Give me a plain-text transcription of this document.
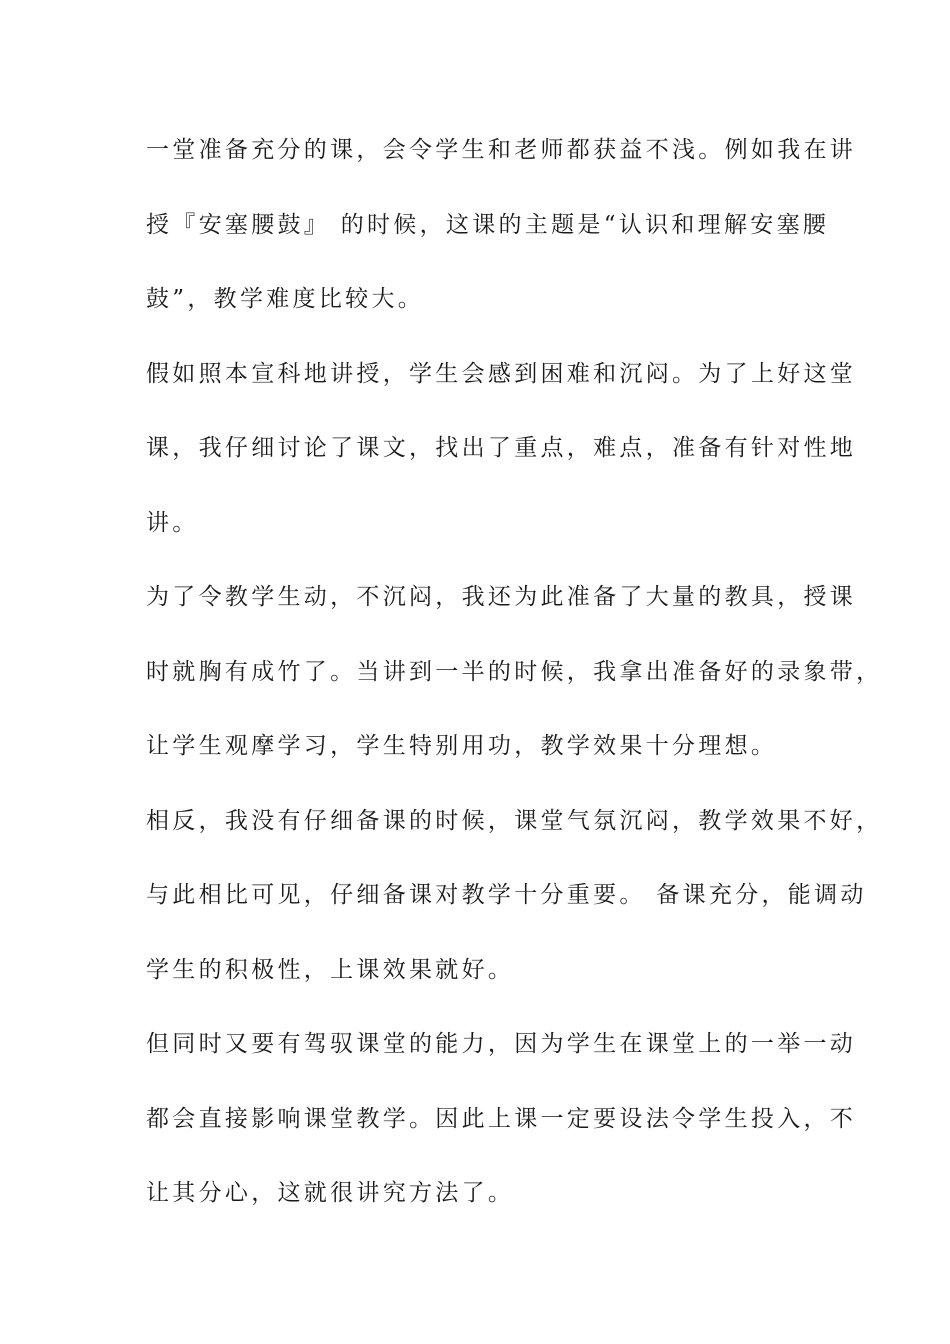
一堂准备充分的课，会令学生和老师都获益不浅。例如我在讲
授『安塞腰鼓』 的时候，这课的主题是“认识和理解安塞腰
鼓”，教学难度比较大。
假如照本宣科地讲授，学生会感到困难和沉闷。为了上好这堂
课，我仔细讨论了课文，找出了重点，难点，准备有针对性地
讲。
为了令教学生动，不沉闷，我还为此准备了大量的教具，授课
时就胸有成竹了。当讲到一半的时候，我拿出准备好的录象带，
让学生观摩学习，学生特别用功，教学效果十分理想。
相反，我没有仔细备课的时候，课堂气氛沉闷，教学效果不好，
与此相比可见，仔细备课对教学十分重要。 备课充分，能调动
学生的积极性，上课效果就好。
但同时又要有驾驭课堂的能力，因为学生在课堂上的一举一动
都会直接影响课堂教学。因此上课一定要设法令学生投入，不
让其分心，这就很讲究方法了。
